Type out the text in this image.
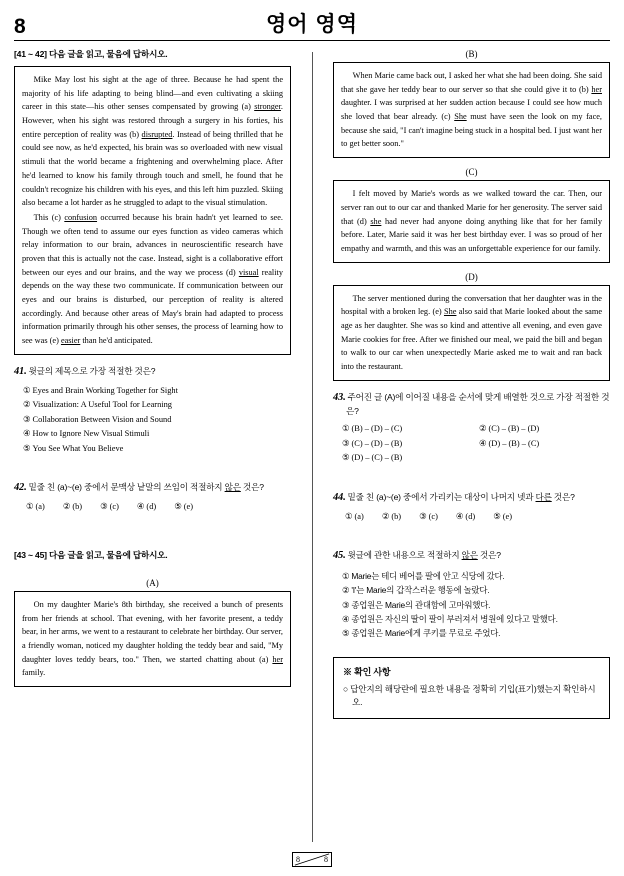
8	영어 영역
[41 ~ 42] 다음 글을 읽고, 물음에 답하시오.

Mike May lost his sight at the age of three. Because he had spent the majority of his life adapting to being blind—and even cultivating a skiing career in this state—his other senses compensated by growing (a) stronger. However, when his sight was restored through a surgery in his forties, his entire perception of reality was (b) disrupted. Instead of being thrilled that he could see now, as he'd expected, his brain was so overloaded with new visual stimuli that the world became a frightening and overwhelming place. After he'd learned to know his family through touch and smell, he found that he couldn't recognize his children with his eyes, and this left him puzzled. Skiing also became a lot harder as he struggled to adapt to the visual stimulation.

This (c) confusion occurred because his brain hadn't yet learned to see. Though we often tend to assume our eyes function as video cameras which relay information to our brain, advances in neuroscientific research have proven that this is actually not the case. Instead, sight is a collaborative effort between our eyes and our brains, and the way we process (d) visual reality depends on the way these two communicate. If communication between our eyes and our brains is disturbed, our perception of reality is altered accordingly. And because other areas of May's brain had adapted to process information primarily through his other senses, the process of learning how to see was (e) easier than he'd anticipated.

41. 윗글의 제목으로 가장 적절한 것은?
① Eyes and Brain Working Together for Sight
② Visualization: A Useful Tool for Learning
③ Collaboration Between Vision and Sound
④ How to Ignore New Visual Stimuli
⑤ You See What You Believe
42. 밑줄 친 (a)~(e) 중에서 문맥상 낱말의 쓰임이 적절하지 않은 것은?
① (a) ② (b) ③ (c) ④ (d) ⑤ (e)
[43 ~ 45] 다음 글을 읽고, 물음에 답하시오.
(A)

On my daughter Marie's 8th birthday, she received a bunch of presents from her friends at school. That evening, with her favorite present, a teddy bear, in her arms, we went to a restaurant to celebrate her birthday. Our server, a friendly woman, noticed my daughter holding the teddy bear and said, "My daughter loves teddy bears, too." Then, we started chatting about (a) her family.

(B)

When Marie came back out, I asked her what she had been doing. She said that she gave her teddy bear to our server so that she could give it to (b) her daughter. I was surprised at her sudden action because I could see how much she loved that bear already. (c) She must have seen the look on my face, because she said, "I can't imagine being stuck in a hospital bed. I just want her to get better soon."

(C)

I felt moved by Marie's words as we walked toward the car. Then, our server ran out to our car and thanked Marie for her generosity. The server said that (d) she had never had anyone doing anything like that for her family before. Later, Marie said it was her best birthday ever. I was so proud of her empathy and warmth, and this was an unforgettable experience for our family.

(D)

The server mentioned during the conversation that her daughter was in the hospital with a broken leg. (e) She also said that Marie looked about the same age as her daughter. She was so kind and attentive all evening, and even gave Marie cookies for free. After we finished our meal, we paid the bill and began to walk to our car when unexpectedly Marie asked me to wait and ran back into the restaurant.

43. 주어진 글 (A)에 이어질 내용을 순서에 맞게 배열한 것으로 가장 적절한 것은?
① (B) – (D) – (C)	② (C) – (B) – (D)
③ (C) – (D) – (B)	④ (D) – (B) – (C)
⑤ (D) – (C) – (B)
44. 밑줄 친 (a)~(e) 중에서 가리키는 대상이 나머지 넷과 다른 것은?
① (a) ② (b) ③ (c) ④ (d) ⑤ (e)
45. 윗글에 관한 내용으로 적절하지 않은 것은?
① Marie는 테디 베어를 팔에 안고 식당에 갔다.
② 'I'는 Marie의 갑작스러운 행동에 놀랐다.
③ 종업원은 Marie의 관대함에 고마워했다.
④ 종업원은 자신의 딸이 팔이 부러져서 병원에 있다고 말했다.
⑤ 종업원은 Marie에게 쿠키를 무료로 주었다.
※ 확인 사항
○ 답안지의 해당란에 필요한 내용을 정확히 기입(표기)했는지 확인하시오.
8	8
